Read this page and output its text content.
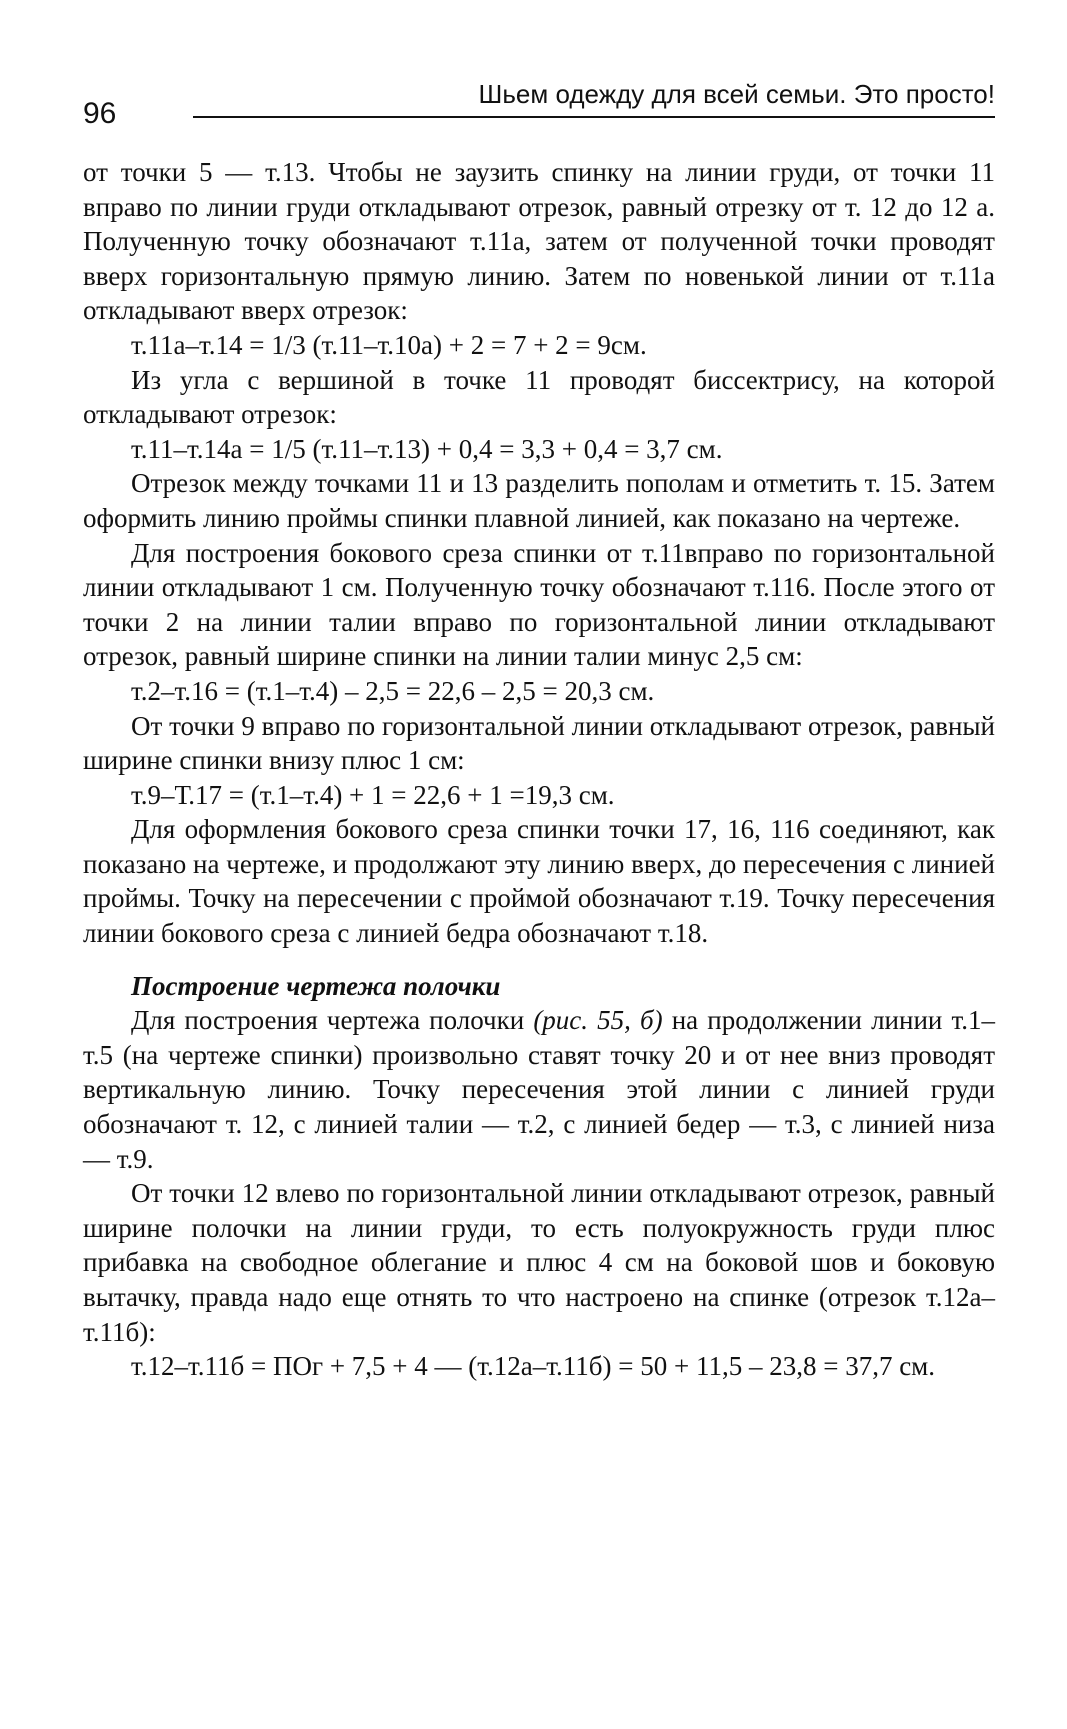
96
Шьем одежду для всей семьи. Это просто!

от точки 5 — т.13. Чтобы не заузить спинку на линии груди, от точки 11 вправо по линии груди откладывают отрезок, равный отрезку от т. 12 до 12 а. Полученную точку обозначают т.11а, затем от полученной точки проводят вверх горизонтальную прямую линию. Затем по новенькой линии от т.11а откладывают вверх отрезок:

т.11а–т.14 = 1/3 (т.11–т.10а) + 2 = 7 + 2 = 9см.

Из угла с вершиной в точке 11 проводят биссектрису, на которой откладывают отрезок:

т.11–т.14а = 1/5 (т.11–т.13) + 0,4 = 3,3 + 0,4 = 3,7 см.

Отрезок между точками 11 и 13 разделить пополам и отметить т. 15. Затем оформить линию проймы спинки плавной линией, как показано на чертеже.

Для построения бокового среза спинки от т.11вправо по горизонтальной линии откладывают 1 см. Полученную точку обозначают т.116. После этого от точки 2 на линии талии вправо по горизонтальной линии откладывают отрезок, равный ширине спинки на линии талии минус 2,5 см:

т.2–т.16 = (т.1–т.4) – 2,5 = 22,6 – 2,5 = 20,3 см.

От точки 9 вправо по горизонтальной линии откладывают отрезок, равный ширине спинки внизу плюс 1 см:

т.9–Т.17 = (т.1–т.4) + 1 = 22,6 + 1 =19,3 см.

Для оформления бокового среза спинки точки 17, 16, 116 соединяют, как показано на чертеже, и продолжают эту линию вверх, до пересечения с линией проймы. Точку на пересечении с проймой обозначают т.19. Точку пересечения линии бокового среза с линией бедра обозначают т.18.

Построение чертежа полочки

Для построения чертежа полочки (рис. 55, б) на продолжении линии т.1–т.5 (на чертеже спинки) произвольно ставят точку 20 и от нее вниз проводят вертикальную линию. Точку пересечения этой линии с линией груди обозначают т. 12, с линией талии — т.2, с линией бедер — т.3, с линией низа — т.9.

От точки 12 влево по горизонтальной линии откладывают отрезок, равный ширине полочки на линии груди, то есть полуокружность груди плюс прибавка на свободное облегание и плюс 4 см на боковой шов и боковую вытачку, правда надо еще отнять то что настроено на спинке (отрезок т.12а–т.11б):

т.12–т.11б = ПОг + 7,5 + 4 — (т.12а–т.11б) = 50 + 11,5 – 23,8 = 37,7 см.
